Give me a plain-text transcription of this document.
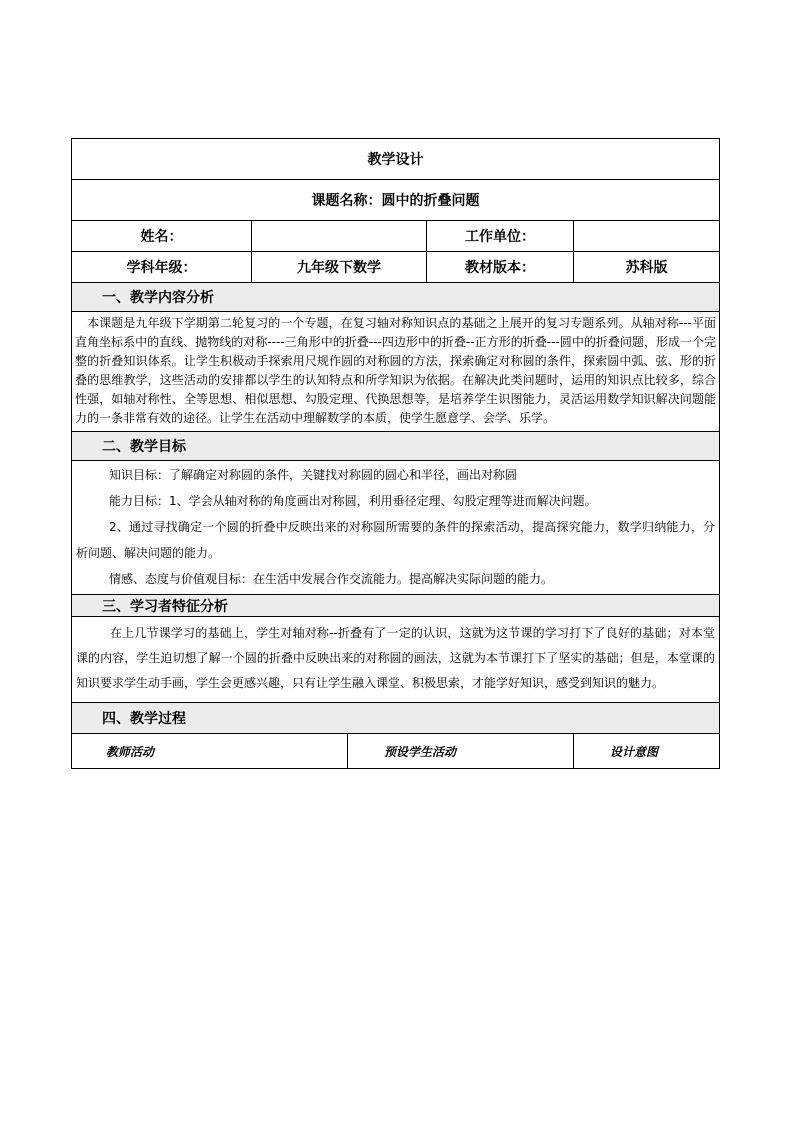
教学设计				
课题名称：圆中的折叠问题				
姓名：			工作单位：	
学科年级：	九年级下数学		教材版本：	苏科版
一、教学内容分析				
　本课题是九年级下学期第二轮复习的一个专题，在复习轴对称知识点的基础之上展开的复习专题系列。从轴对称---平面直角坐标系中的直线、抛物线的对称----三角形中的折叠---四边形中的折叠--正方形的折叠---圆中的折叠问题，形成一个完整的折叠知识体系。让学生积极动手探索用尺规作圆的对称圆的方法，探索确定对称圆的条件，探索圆中弧、弦、形的折叠的思维教学，这些活动的安排都以学生的认知特点和所学知识为依据。在解决此类问题时，运用的知识点比较多，综合性强，如轴对称性、全等思想、相似思想、勾股定理、代换思想等，是培养学生识图能力，灵活运用数学知识解决问题能力的一条非常有效的途径。让学生在活动中理解数学的本质，使学生愿意学、会学、乐学。				
二、教学目标				

知识目标：了解确定对称圆的条件，关键找对称圆的圆心和半径，画出对称圆
能力目标：1、学会从轴对称的角度画出对称圆，利用垂径定理、勾股定理等进而解决问题。
2、通过寻找确定一个圆的折叠中反映出来的对称圆所需要的条件的探索活动，提高探究能力，数学归纳能力，分析问题、解决问题的能力。
情感、态度与价值观目标：在生活中发展合作交流能力。提高解决实际问题的能力。				

三、学习者特征分析				
在上几节课学习的基础上，学生对轴对称--折叠有了一定的认识，这就为这节课的学习打下了良好的基础；对本堂课的内容，学生迫切想了解一个圆的折叠中反映出来的对称圆的画法，这就为本节课打下了坚实的基础；但是，本堂课的知识要求学生动手画，学生会更感兴趣，只有让学生融入课堂、积极思索，才能学好知识，感受到知识的魅力。				
四、教学过程				
教师活动		预设学生活动		设计意图
